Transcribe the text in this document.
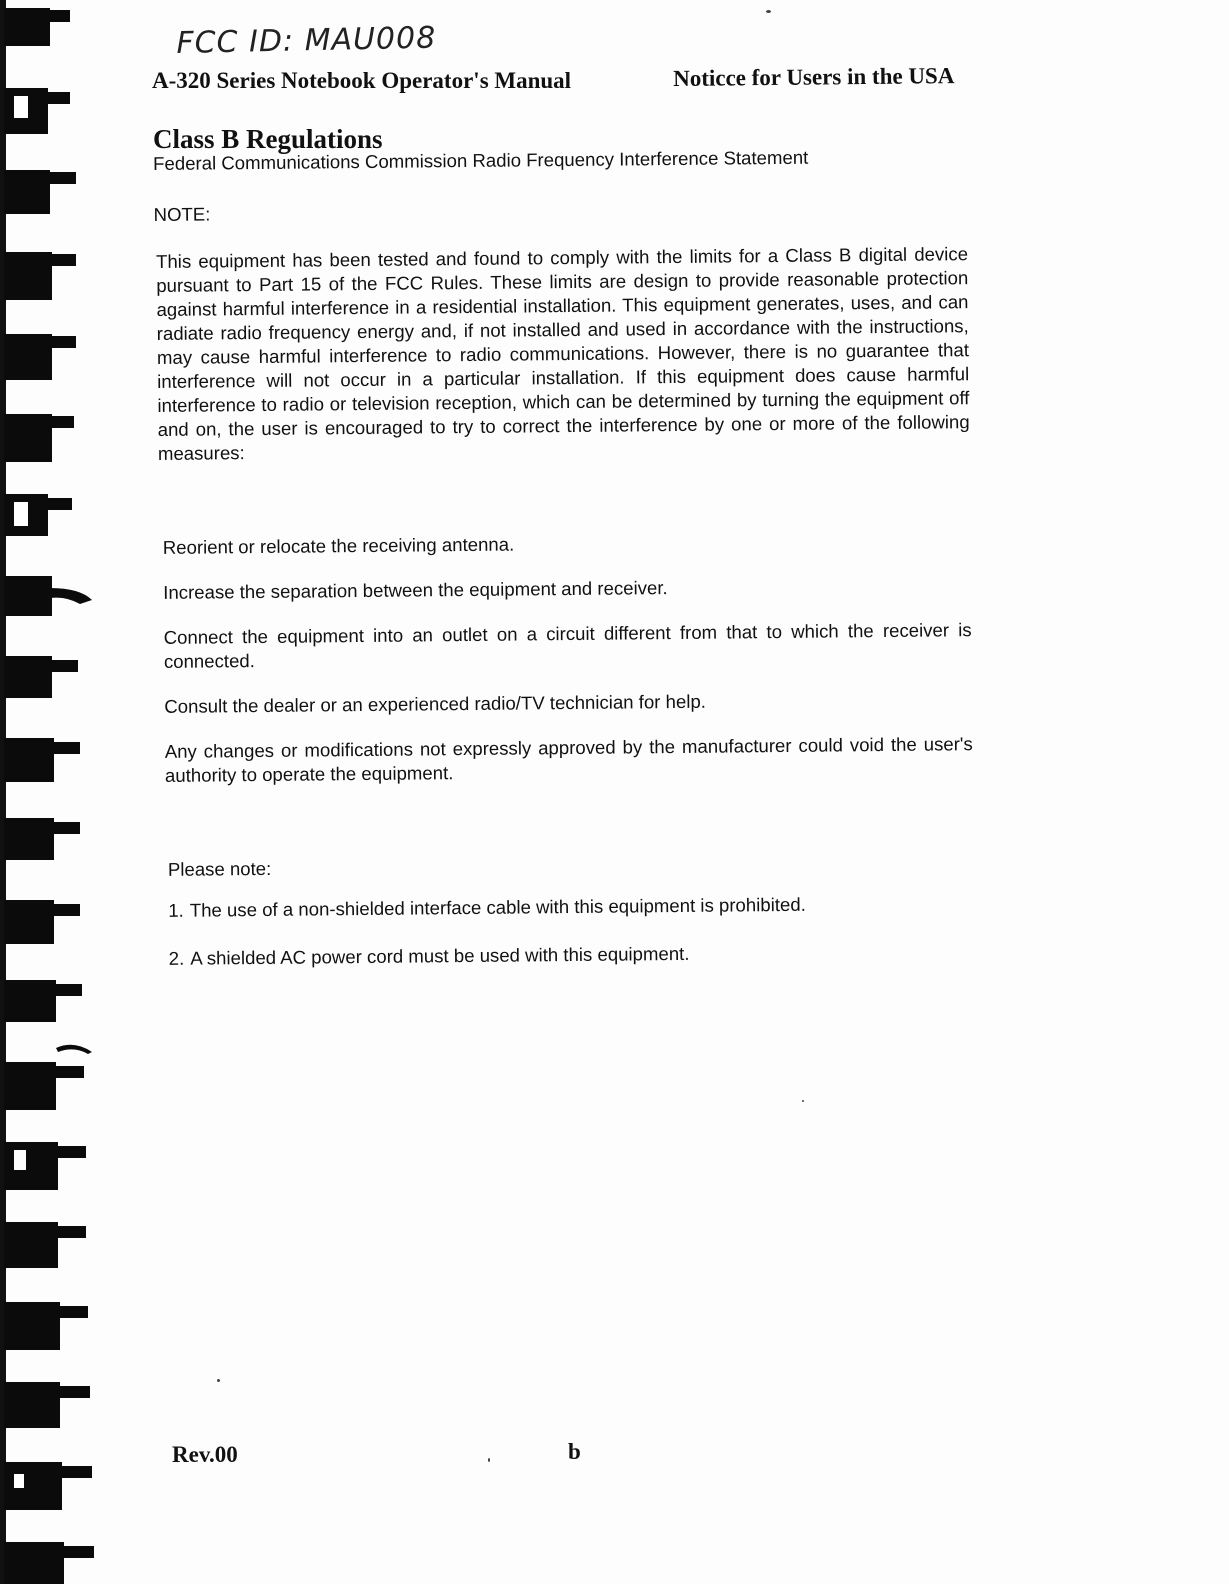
FCC ID: MAU008
A-320 Series Notebook Operator's Manual	Noticce for Users in the USA
Class B Regulations

Federal Communications Commission Radio Frequency Interference Statement

NOTE:

This equipment has been tested and found to comply with the limits for a Class B digital device pursuant to Part 15 of the FCC Rules. These limits are design to provide reasonable protection against harmful interference in a residential installation. This equipment generates, uses, and can radiate radio frequency energy and, if not installed and used in accordance with the instructions, may cause harmful interference to radio communications. However, there is no guarantee that interference will not occur in a particular installation. If this equipment does cause harmful interference to radio or television reception, which can be determined by turning the equipment off and on, the user is encouraged to try to correct the interference by one or more of the following measures:

Reorient or relocate the receiving antenna.
Increase the separation between the equipment and receiver.
Connect the equipment into an outlet on a circuit different from that to which the receiver is connected.
Consult the dealer or an experienced radio/TV technician for help.

Any changes or modifications not expressly approved by the manufacturer could void the user's authority to operate the equipment.

Please note:

1. The use of a non-shielded interface cable with this equipment is prohibited.
2. A shielded AC power cord must be used with this equipment.
Rev.00	b
